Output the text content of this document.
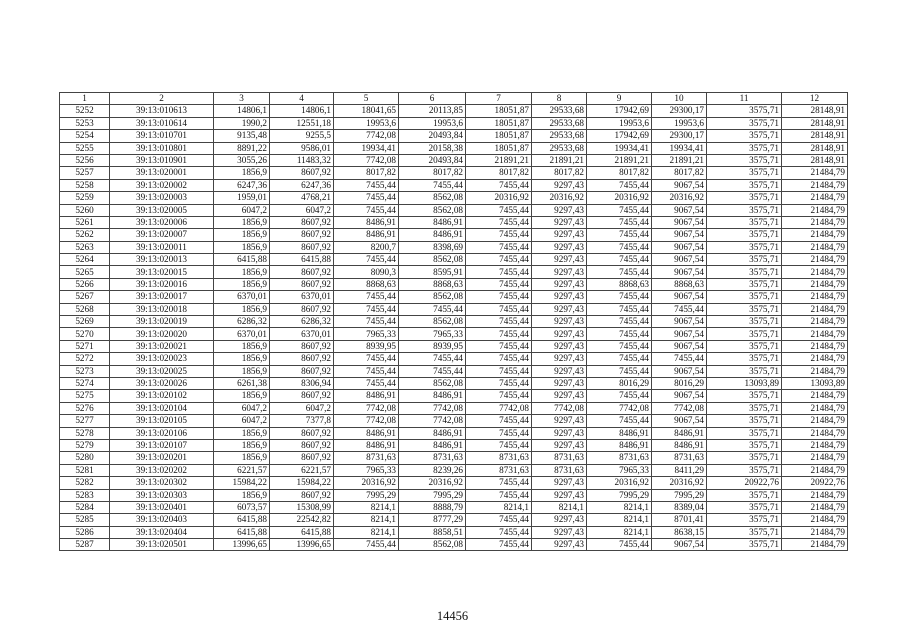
1	2	3	4	5	6	7	8	9	10	11	12
5252	39:13:010613	14806,1	14806,1	18041,65	20113,85	18051,87	29533,68	17942,69	29300,17	3575,71	28148,91
5253	39:13:010614	1990,2	12551,18	19953,6	19953,6	18051,87	29533,68	19953,6	19953,6	3575,71	28148,91
5254	39:13:010701	9135,48	9255,5	7742,08	20493,84	18051,87	29533,68	17942,69	29300,17	3575,71	28148,91
5255	39:13:010801	8891,22	9586,01	19934,41	20158,38	18051,87	29533,68	19934,41	19934,41	3575,71	28148,91
5256	39:13:010901	3055,26	11483,32	7742,08	20493,84	21891,21	21891,21	21891,21	21891,21	3575,71	28148,91
5257	39:13:020001	1856,9	8607,92	8017,82	8017,82	8017,82	8017,82	8017,82	8017,82	3575,71	21484,79
5258	39:13:020002	6247,36	6247,36	7455,44	7455,44	7455,44	9297,43	7455,44	9067,54	3575,71	21484,79
5259	39:13:020003	1959,01	4768,21	7455,44	8562,08	20316,92	20316,92	20316,92	20316,92	3575,71	21484,79
5260	39:13:020005	6047,2	6047,2	7455,44	8562,08	7455,44	9297,43	7455,44	9067,54	3575,71	21484,79
5261	39:13:020006	1856,9	8607,92	8486,91	8486,91	7455,44	9297,43	7455,44	9067,54	3575,71	21484,79
5262	39:13:020007	1856,9	8607,92	8486,91	8486,91	7455,44	9297,43	7455,44	9067,54	3575,71	21484,79
5263	39:13:020011	1856,9	8607,92	8200,7	8398,69	7455,44	9297,43	7455,44	9067,54	3575,71	21484,79
5264	39:13:020013	6415,88	6415,88	7455,44	8562,08	7455,44	9297,43	7455,44	9067,54	3575,71	21484,79
5265	39:13:020015	1856,9	8607,92	8090,3	8595,91	7455,44	9297,43	7455,44	9067,54	3575,71	21484,79
5266	39:13:020016	1856,9	8607,92	8868,63	8868,63	7455,44	9297,43	8868,63	8868,63	3575,71	21484,79
5267	39:13:020017	6370,01	6370,01	7455,44	8562,08	7455,44	9297,43	7455,44	9067,54	3575,71	21484,79
5268	39:13:020018	1856,9	8607,92	7455,44	7455,44	7455,44	9297,43	7455,44	7455,44	3575,71	21484,79
5269	39:13:020019	6286,32	6286,32	7455,44	8562,08	7455,44	9297,43	7455,44	9067,54	3575,71	21484,79
5270	39:13:020020	6370,01	6370,01	7965,33	7965,33	7455,44	9297,43	7455,44	9067,54	3575,71	21484,79
5271	39:13:020021	1856,9	8607,92	8939,95	8939,95	7455,44	9297,43	7455,44	9067,54	3575,71	21484,79
5272	39:13:020023	1856,9	8607,92	7455,44	7455,44	7455,44	9297,43	7455,44	7455,44	3575,71	21484,79
5273	39:13:020025	1856,9	8607,92	7455,44	7455,44	7455,44	9297,43	7455,44	9067,54	3575,71	21484,79
5274	39:13:020026	6261,38	8306,94	7455,44	8562,08	7455,44	9297,43	8016,29	8016,29	13093,89	13093,89
5275	39:13:020102	1856,9	8607,92	8486,91	8486,91	7455,44	9297,43	7455,44	9067,54	3575,71	21484,79
5276	39:13:020104	6047,2	6047,2	7742,08	7742,08	7742,08	7742,08	7742,08	7742,08	3575,71	21484,79
5277	39:13:020105	6047,2	7377,8	7742,08	7742,08	7455,44	9297,43	7455,44	9067,54	3575,71	21484,79
5278	39:13:020106	1856,9	8607,92	8486,91	8486,91	7455,44	9297,43	8486,91	8486,91	3575,71	21484,79
5279	39:13:020107	1856,9	8607,92	8486,91	8486,91	7455,44	9297,43	8486,91	8486,91	3575,71	21484,79
5280	39:13:020201	1856,9	8607,92	8731,63	8731,63	8731,63	8731,63	8731,63	8731,63	3575,71	21484,79
5281	39:13:020202	6221,57	6221,57	7965,33	8239,26	8731,63	8731,63	7965,33	8411,29	3575,71	21484,79
5282	39:13:020302	15984,22	15984,22	20316,92	20316,92	7455,44	9297,43	20316,92	20316,92	20922,76	20922,76
5283	39:13:020303	1856,9	8607,92	7995,29	7995,29	7455,44	9297,43	7995,29	7995,29	3575,71	21484,79
5284	39:13:020401	6073,57	15308,99	8214,1	8888,79	8214,1	8214,1	8214,1	8389,04	3575,71	21484,79
5285	39:13:020403	6415,88	22542,82	8214,1	8777,29	7455,44	9297,43	8214,1	8701,41	3575,71	21484,79
5286	39:13:020404	6415,88	6415,88	8214,1	8858,51	7455,44	9297,43	8214,1	8638,15	3575,71	21484,79
5287	39:13:020501	13996,65	13996,65	7455,44	8562,08	7455,44	9297,43	7455,44	9067,54	3575,71	21484,79
14456
